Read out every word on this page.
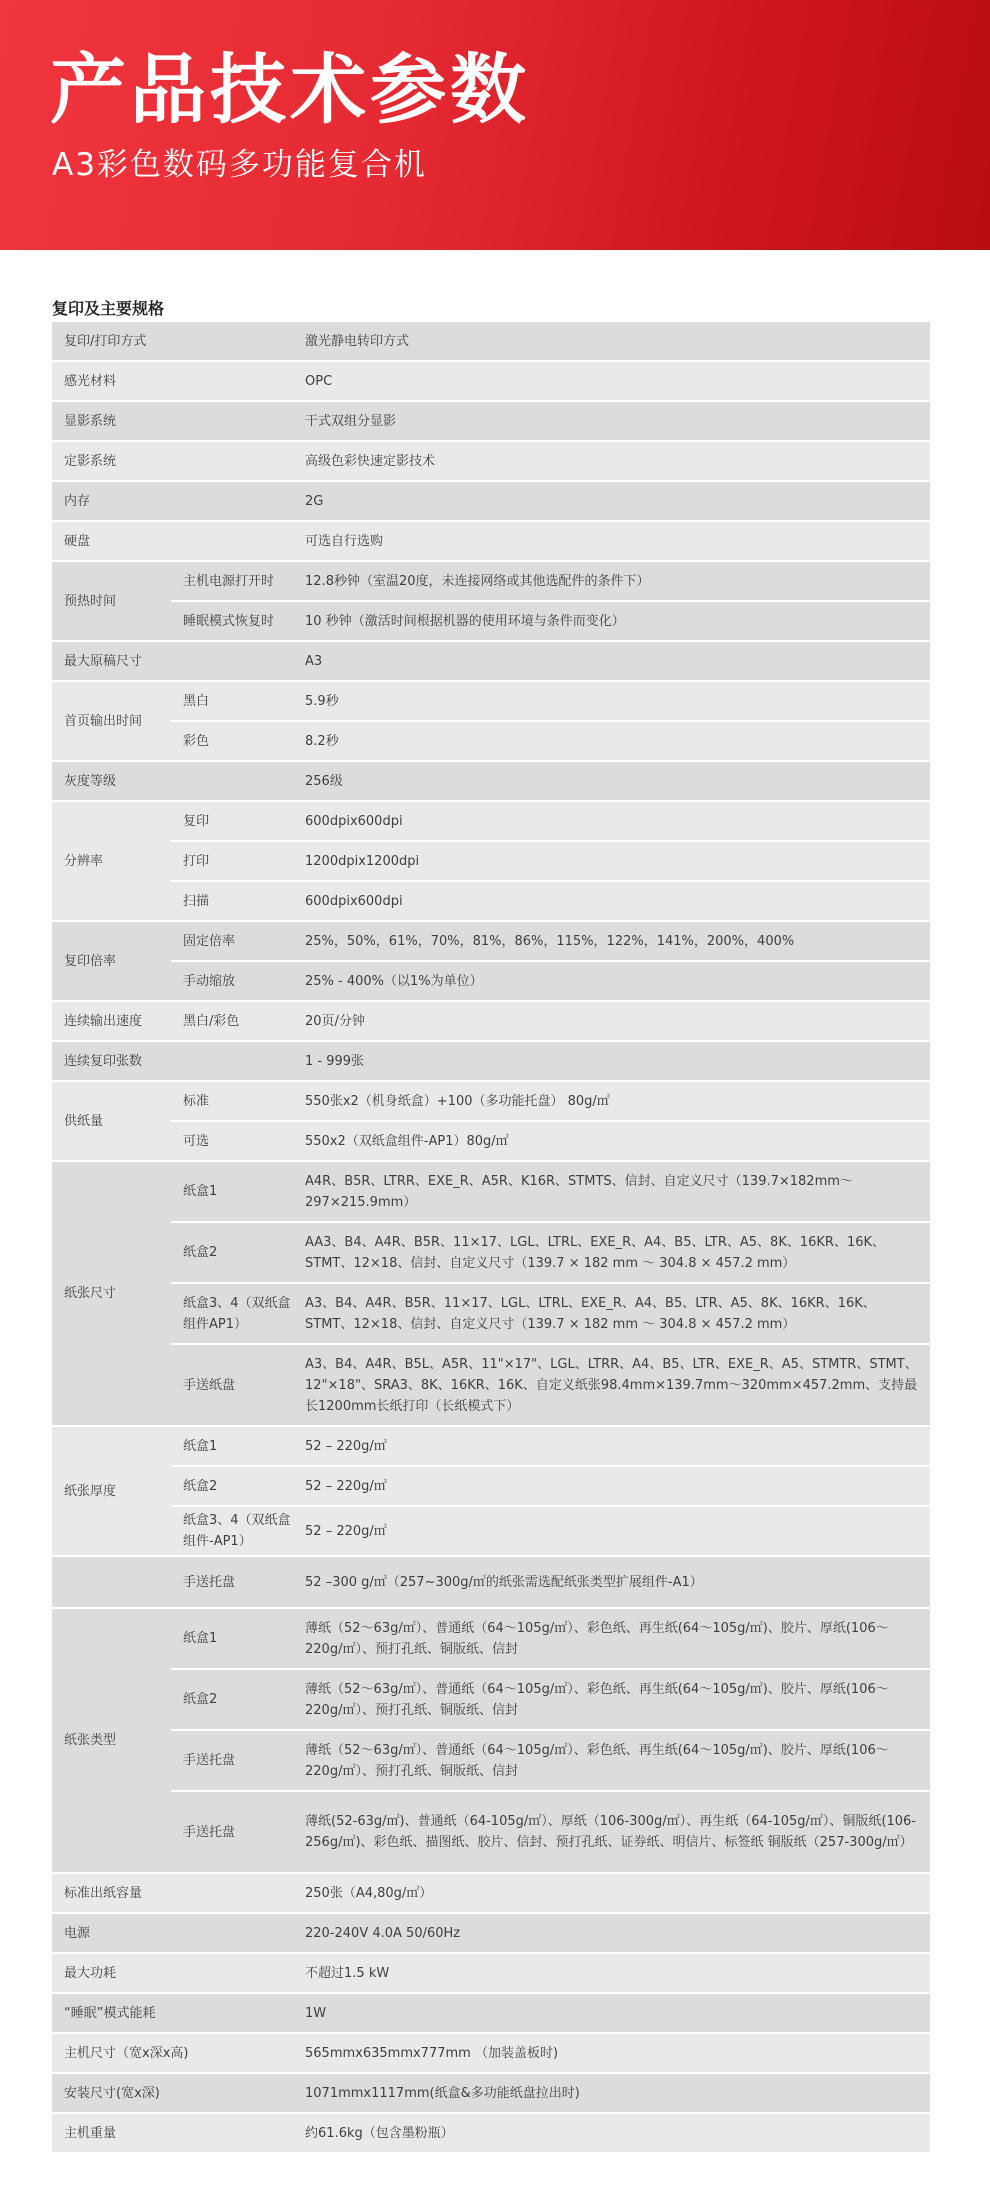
产品技术参数
A3彩色数码多功能复合机
复印及主要规格
复印/打印方式		激光静电转印方式
感光材料		OPC
显影系统		干式双组分显影
定影系统		高级色彩快速定影技术
内存		2G
硬盘		可选自行选购
预热时间	主机电源打开时	12.8秒钟（室温20度，未连接网络或其他选配件的条件下）
	睡眠模式恢复时	10 秒钟（激活时间根据机器的使用环境与条件而变化）
最大原稿尺寸		A3
首页输出时间	黑白	5.9秒
	彩色	8.2秒
灰度等级		256级
分辨率	复印	600dpix600dpi
	打印	1200dpix1200dpi
	扫描	600dpix600dpi
复印倍率	固定倍率	25%，50%，61%，70%，81%，86%，115%，122%，141%，200%，400%
	手动缩放	25% - 400%（以1%为单位）
连续输出速度	黑白/彩色	20页/分钟
连续复印张数		1 - 999张
供纸量	标准	550张x2（机身纸盒）+100（多功能托盘） 80g/㎡
	可选	550x2（双纸盒组件-AP1）80g/㎡
纸张尺寸	纸盒1	A4R、B5R、LTRR、EXE_R、A5R、K16R、STMTS、信封、自定义尺寸（139.7×182mm～297×215.9mm）
	纸盒2	AA3、B4、A4R、B5R、11×17、LGL、LTRL、EXE_R、A4、B5、LTR、A5、8K、16KR、16K、STMT、12×18、信封、自定义尺寸（139.7 × 182 mm ～ 304.8 × 457.2 mm）
	纸盒3、4（双纸盒组件AP1）	A3、B4、A4R、B5R、11×17、LGL、LTRL、EXE_R、A4、B5、LTR、A5、8K、16KR、16K、STMT、12×18、信封、自定义尺寸（139.7 × 182 mm ～ 304.8 × 457.2 mm）
	手送纸盘	A3、B4、A4R、B5L、A5R、11"×17"、LGL、LTRR、A4、B5、LTR、EXE_R、A5、STMTR、STMT、12"×18"、SRA3、8K、16KR、16K、自定义纸张98.4mm×139.7mm～320mm×457.2mm、支持最长1200mm长纸打印（长纸模式下）
纸张厚度	纸盒1	52 – 220g/㎡
	纸盒2	52 – 220g/㎡
	纸盒3、4（双纸盒组件-AP1）	52 – 220g/㎡
	手送托盘	52 –300 g/㎡（257~300g/㎡的纸张需选配纸张类型扩展组件-A1）
纸张类型	纸盒1	薄纸（52～63g/㎡）、普通纸（64～105g/㎡）、彩色纸、再生纸(64～105g/㎡)、胶片、厚纸(106～220g/㎡）、预打孔纸、铜版纸、信封
	纸盒2	薄纸（52～63g/㎡）、普通纸（64～105g/㎡）、彩色纸、再生纸(64～105g/㎡)、胶片、厚纸(106～220g/㎡）、预打孔纸、铜版纸、信封
	手送托盘	薄纸（52～63g/㎡）、普通纸（64～105g/㎡）、彩色纸、再生纸(64～105g/㎡)、胶片、厚纸(106～220g/㎡）、预打孔纸、铜版纸、信封
	手送托盘	薄纸(52-63g/㎡)、普通纸（64-105g/㎡）、厚纸（106-300g/㎡）、再生纸（64-105g/㎡）、铜版纸(106-256g/㎡)、彩色纸、描图纸、胶片、信封、预打孔纸、证券纸、明信片、标签纸 铜版纸（257-300g/㎡）
标准出纸容量		250张（A4,80g/㎡）
电源		220-240V 4.0A 50/60Hz
最大功耗		不超过1.5 kW
“睡眠”模式能耗		1W
主机尺寸（宽x深x高)		565mmx635mmx777mm （加装盖板时)
安装尺寸(宽x深)		1071mmx1117mm(纸盒&多功能纸盘拉出时)
主机重量		约61.6kg（包含墨粉瓶）
